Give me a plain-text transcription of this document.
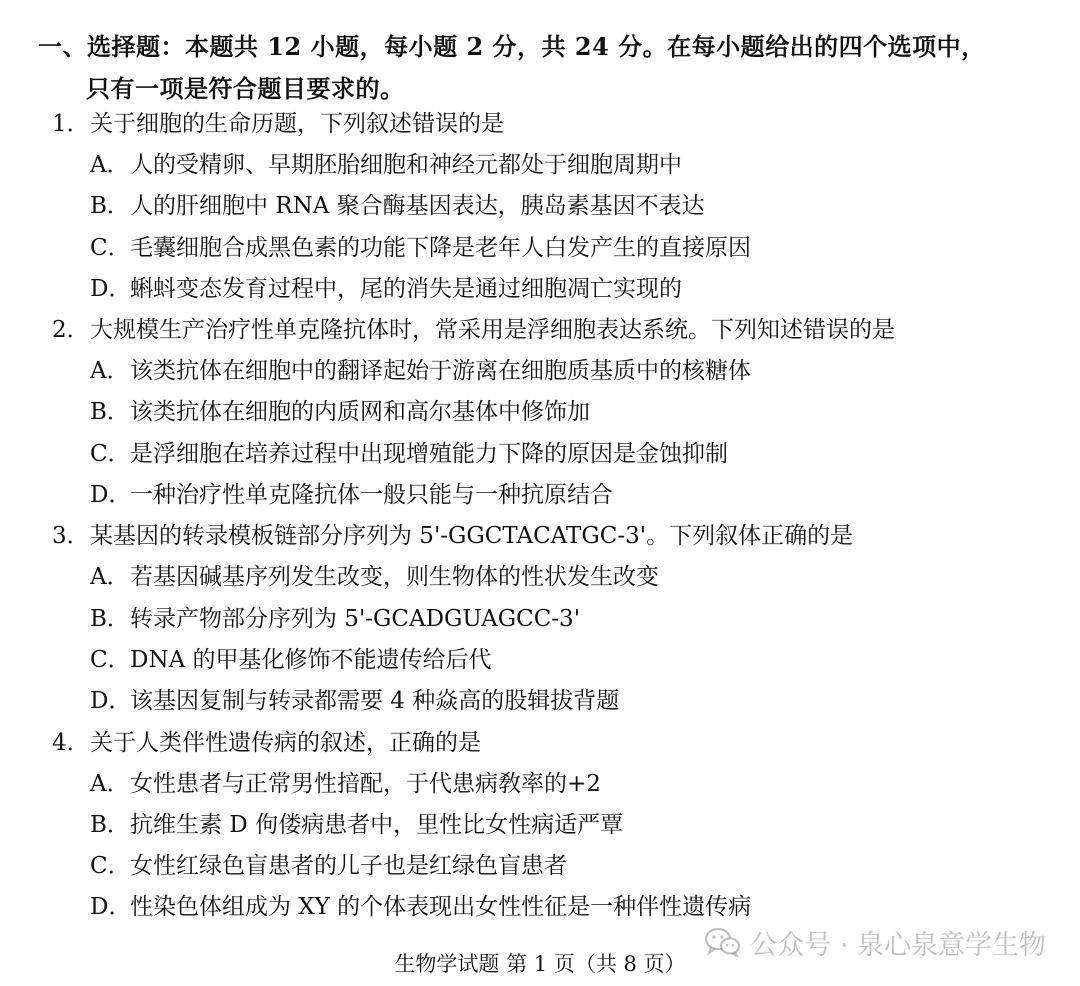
一、选择题：本题共 12 小题，每小题 2 分，共 24 分。在每小题给出的四个选项中，
只有一项是符合题目要求的。
1．关于细胞的生命历题，下列叙述错误的是
A．人的受精卵、早期胚胎细胞和神经元都处于细胞周期中
B．人的肝细胞中 RNA 聚合酶基因表达，胰岛素基因不表达
C．毛囊细胞合成黑色素的功能下降是老年人白发产生的直接原因
D．蝌蚪变态发育过程中，尾的消失是通过细胞凋亡实现的
2．大规模生产治疗性单克隆抗体时，常采用是浮细胞表达系统。下列知述错误的是
A．该类抗体在细胞中的翻译起始于游离在细胞质基质中的核糖体
B．该类抗体在细胞的内质网和高尔基体中修饰加
C．是浮细胞在培养过程中出现增殖能力下降的原因是金蚀抑制
D．一种治疗性单克隆抗体一般只能与一种抗原结合
3．某基因的转录模板链部分序列为 5'-GGCTACATGC-3'。下列叙体正确的是
A．若基因碱基序列发生改变，则生物体的性状发生改变
B．转录产物部分序列为 5'-GCADGUAGCC-3'
C．DNA 的甲基化修饰不能遗传给后代
D．该基因复制与转录都需要 4 种焱高的股辑拔背题
4．关于人类伴性遗传病的叙述，正确的是
A．女性患者与正常男性揞配，于代患病敎率的+2
B．抗维生素 D 佝偻病患者中，里性比女性病适严覃
C．女性红绿色盲患者的儿子也是红绿色盲患者
D．性染色体组成为 XY 的个体表现出女性性征是一种伴性遗传病
公众号 · 泉心泉意学生物
生物学试题 第 1 页（共 8 页）
